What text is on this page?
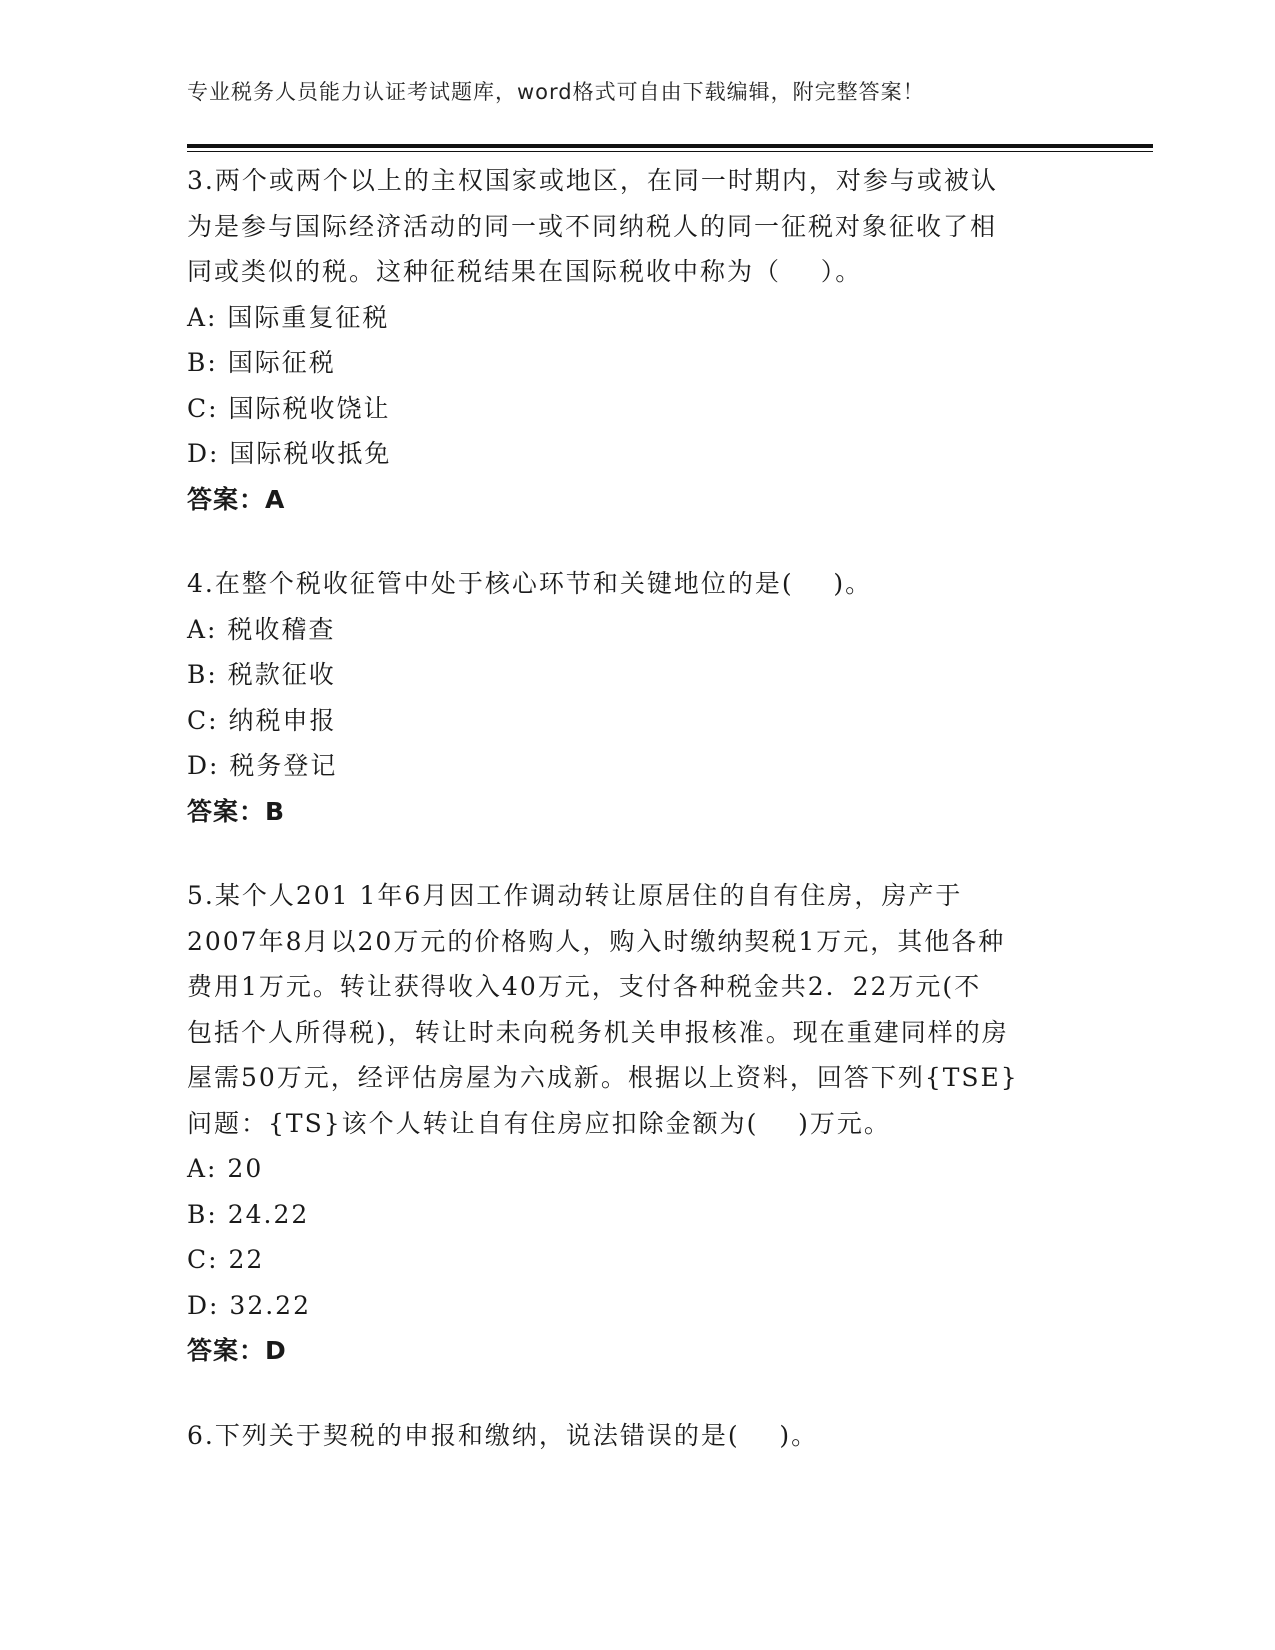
专业税务人员能力认证考试题库，word格式可自由下载编辑，附完整答案！
3.两个或两个以上的主权国家或地区，在同一时期内，对参与或被认
为是参与国际经济活动的同一或不同纳税人的同一征税对象征收了相
同或类似的税。这种征税结果在国际税收中称为（    ）。
A: 国际重复征税
B: 国际征税
C: 国际税收饶让
D: 国际税收抵免
答案：A
4.在整个税收征管中处于核心环节和关键地位的是(    )。
A: 税收稽查
B: 税款征收
C: 纳税申报
D: 税务登记
答案：B
5.某个人201 1年6月因工作调动转让原居住的自有住房，房产于
2007年8月以20万元的价格购人，购入时缴纳契税1万元，其他各种
费用1万元。转让获得收入40万元，支付各种税金共2．22万元(不
包括个人所得税)，转让时未向税务机关申报核准。现在重建同样的房
屋需50万元，经评估房屋为六成新。根据以上资料，回答下列{TSE}
问题：{TS}该个人转让自有住房应扣除金额为(    )万元。
A: 20
B: 24.22
C: 22
D: 32.22
答案：D
6.下列关于契税的申报和缴纳，说法错误的是(    )。
